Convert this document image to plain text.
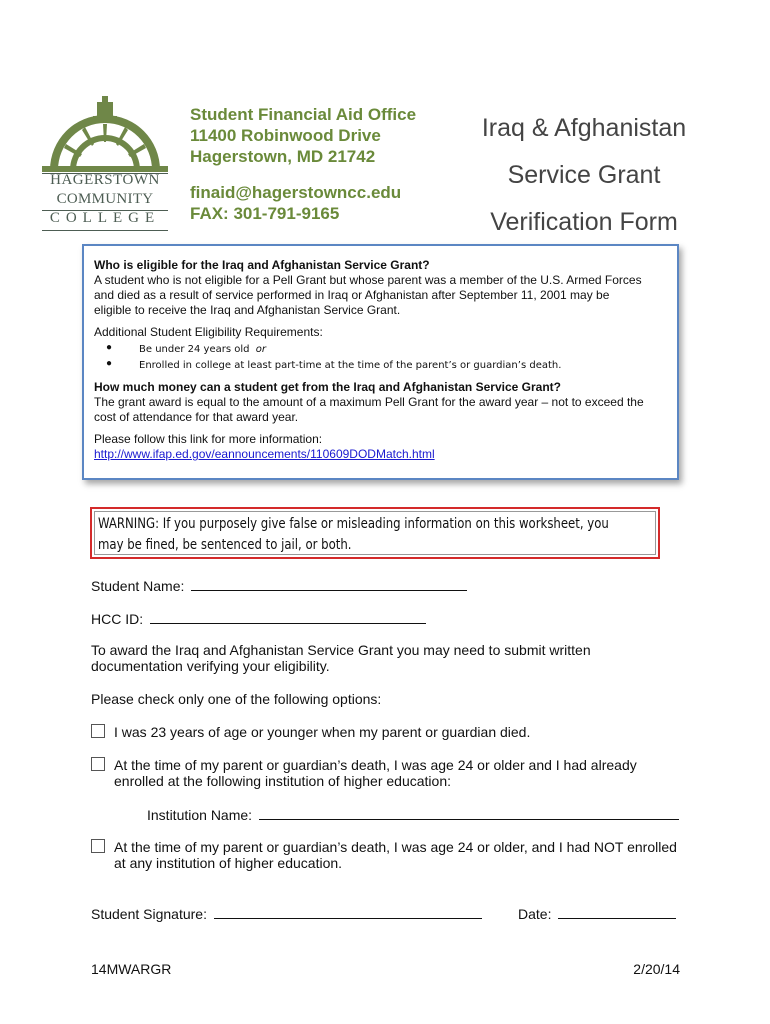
HAGERSTOWN
COMMUNITY
COLLEGE
Student Financial Aid Office
11400 Robinwood Drive
Hagerstown, MD 21742
finaid@hagerstowncc.edu
FAX: 301-791-9165
Iraq & Afghanistan
Service Grant
Verification Form
Who is eligible for the Iraq and Afghanistan Service Grant?
A student who is not eligible for a Pell Grant but whose parent was a member of the U.S. Armed Forces
and died as a result of service performed in Iraq or Afghanistan after September 11, 2001 may be
eligible to receive the Iraq and Afghanistan Service Grant.
Additional Student Eligibility Requirements:
●	Be under 24 years old or
●	Enrolled in college at least part-time at the time of the parent’s or guardian’s death.
How much money can a student get from the Iraq and Afghanistan Service Grant?
The grant award is equal to the amount of a maximum Pell Grant for the award year – not to exceed the
cost of attendance for that award year.
Please follow this link for more information:
http://www.ifap.ed.gov/eannouncements/110609DODMatch.html
WARNING: If you purposely give false or misleading information on this worksheet, you
may be fined, be sentenced to jail, or both.
Student Name:
HCC ID:
To award the Iraq and Afghanistan Service Grant you may need to submit written
documentation verifying your eligibility.
Please check only one of the following options:
I was 23 years of age or younger when my parent or guardian died.
At the time of my parent or guardian’s death, I was age 24 or older and I had already
enrolled at the following institution of higher education:
Institution Name:
At the time of my parent or guardian’s death, I was age 24 or older, and I had NOT enrolled
at any institution of higher education.
Student Signature:	Date:
14MWARGR	2/20/14
